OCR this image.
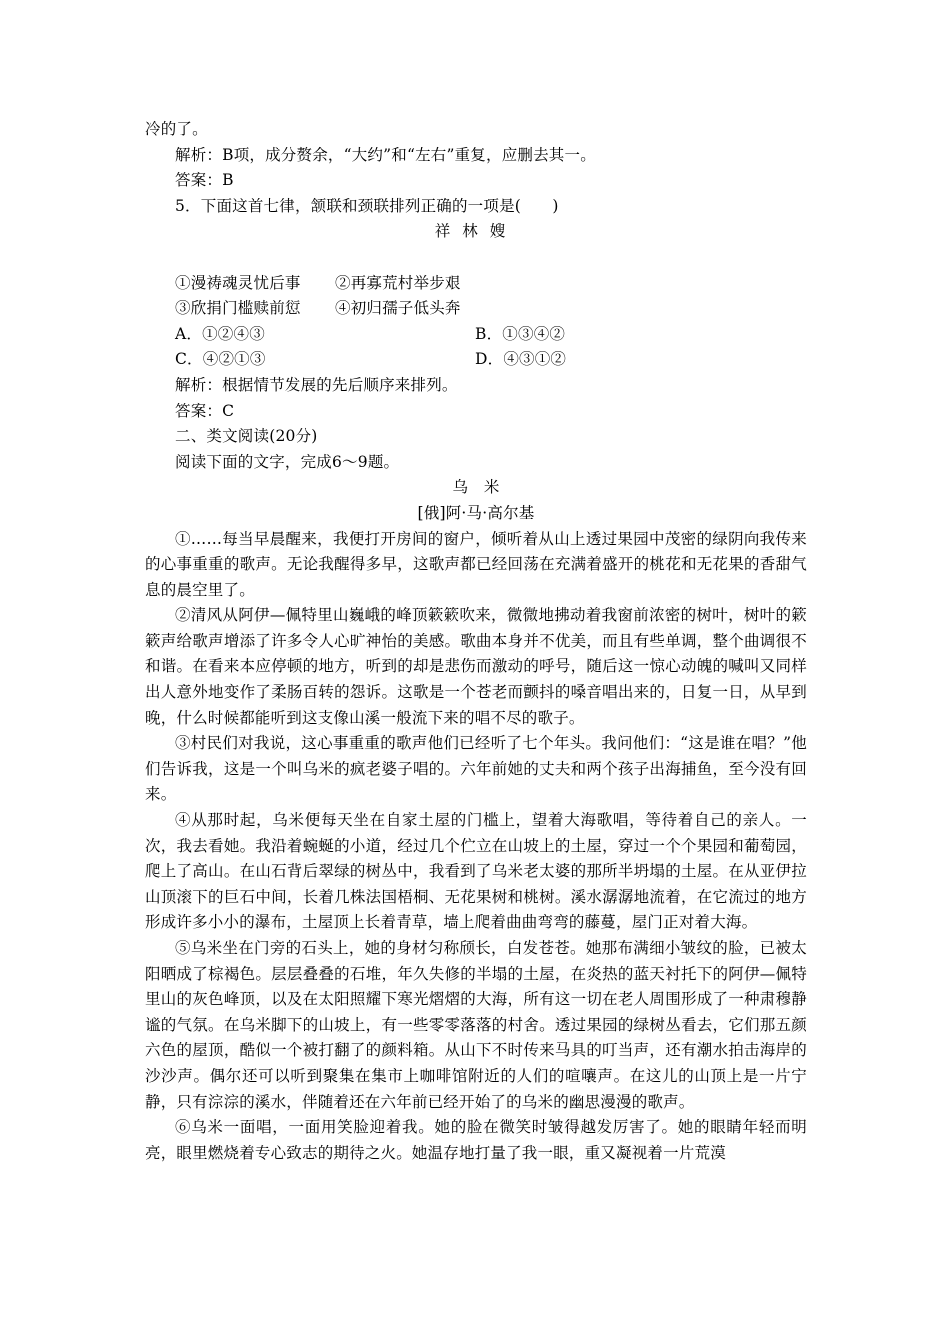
冷的了。
解析：B项，成分赘余，“大约”和“左右”重复，应删去其一。
答案：B
5．下面这首七律，颔联和颈联排列正确的一项是(　　)
祥林嫂
①漫祷魂灵忧后事	②再寡荒村举步艰
③欣捐门槛赎前愆	④初归孺子低头奔
A．①②④③	B．①③④②
C．④②①③	D．④③①②
解析：根据情节发展的先后顺序来排列。
答案：C
二、类文阅读(20分)
阅读下面的文字，完成6～9题。
乌　米
[俄]阿·马·高尔基
①……每当早晨醒来，我便打开房间的窗户，倾听着从山上透过果园中茂密的绿阴向我传来的心事重重的歌声。无论我醒得多早，这歌声都已经回荡在充满着盛开的桃花和无花果的香甜气息的晨空里了。
②清风从阿伊—佩特里山巍峨的峰顶簌簌吹来，微微地拂动着我窗前浓密的树叶，树叶的簌簌声给歌声增添了许多令人心旷神怡的美感。歌曲本身并不优美，而且有些单调，整个曲调很不和谐。在看来本应停顿的地方，听到的却是悲伤而激动的呼号，随后这一惊心动魄的喊叫又同样出人意外地变作了柔肠百转的怨诉。这歌是一个苍老而颤抖的嗓音唱出来的，日复一日，从早到晚，什么时候都能听到这支像山溪一般流下来的唱不尽的歌子。
③村民们对我说，这心事重重的歌声他们已经听了七个年头。我问他们：“这是谁在唱？”他们告诉我，这是一个叫乌米的疯老婆子唱的。六年前她的丈夫和两个孩子出海捕鱼，至今没有回来。
④从那时起，乌米便每天坐在自家土屋的门槛上，望着大海歌唱，等待着自己的亲人。一次，我去看她。我沿着蜿蜒的小道，经过几个伫立在山坡上的土屋，穿过一个个果园和葡萄园，爬上了高山。在山石背后翠绿的树丛中，我看到了乌米老太婆的那所半坍塌的土屋。在从亚伊拉山顶滚下的巨石中间，长着几株法国梧桐、无花果树和桃树。溪水潺潺地流着，在它流过的地方形成许多小小的瀑布，土屋顶上长着青草，墙上爬着曲曲弯弯的藤蔓，屋门正对着大海。
⑤乌米坐在门旁的石头上，她的身材匀称颀长，白发苍苍。她那布满细小皱纹的脸，已被太阳晒成了棕褐色。层层叠叠的石堆，年久失修的半塌的土屋，在炎热的蓝天衬托下的阿伊—佩特里山的灰色峰顶，以及在太阳照耀下寒光熠熠的大海，所有这一切在老人周围形成了一种肃穆静谧的气氛。在乌米脚下的山坡上，有一些零零落落的村舍。透过果园的绿树丛看去，它们那五颜六色的屋顶，酷似一个被打翻了的颜料箱。从山下不时传来马具的叮当声，还有潮水拍击海岸的沙沙声。偶尔还可以听到聚集在集市上咖啡馆附近的人们的喧嚷声。在这儿的山顶上是一片宁静，只有淙淙的溪水，伴随着还在六年前已经开始了的乌米的幽思漫漫的歌声。
⑥乌米一面唱，一面用笑脸迎着我。她的脸在微笑时皱得越发厉害了。她的眼睛年轻而明亮，眼里燃烧着专心致志的期待之火。她温存地打量了我一眼，重又凝视着一片荒漠
